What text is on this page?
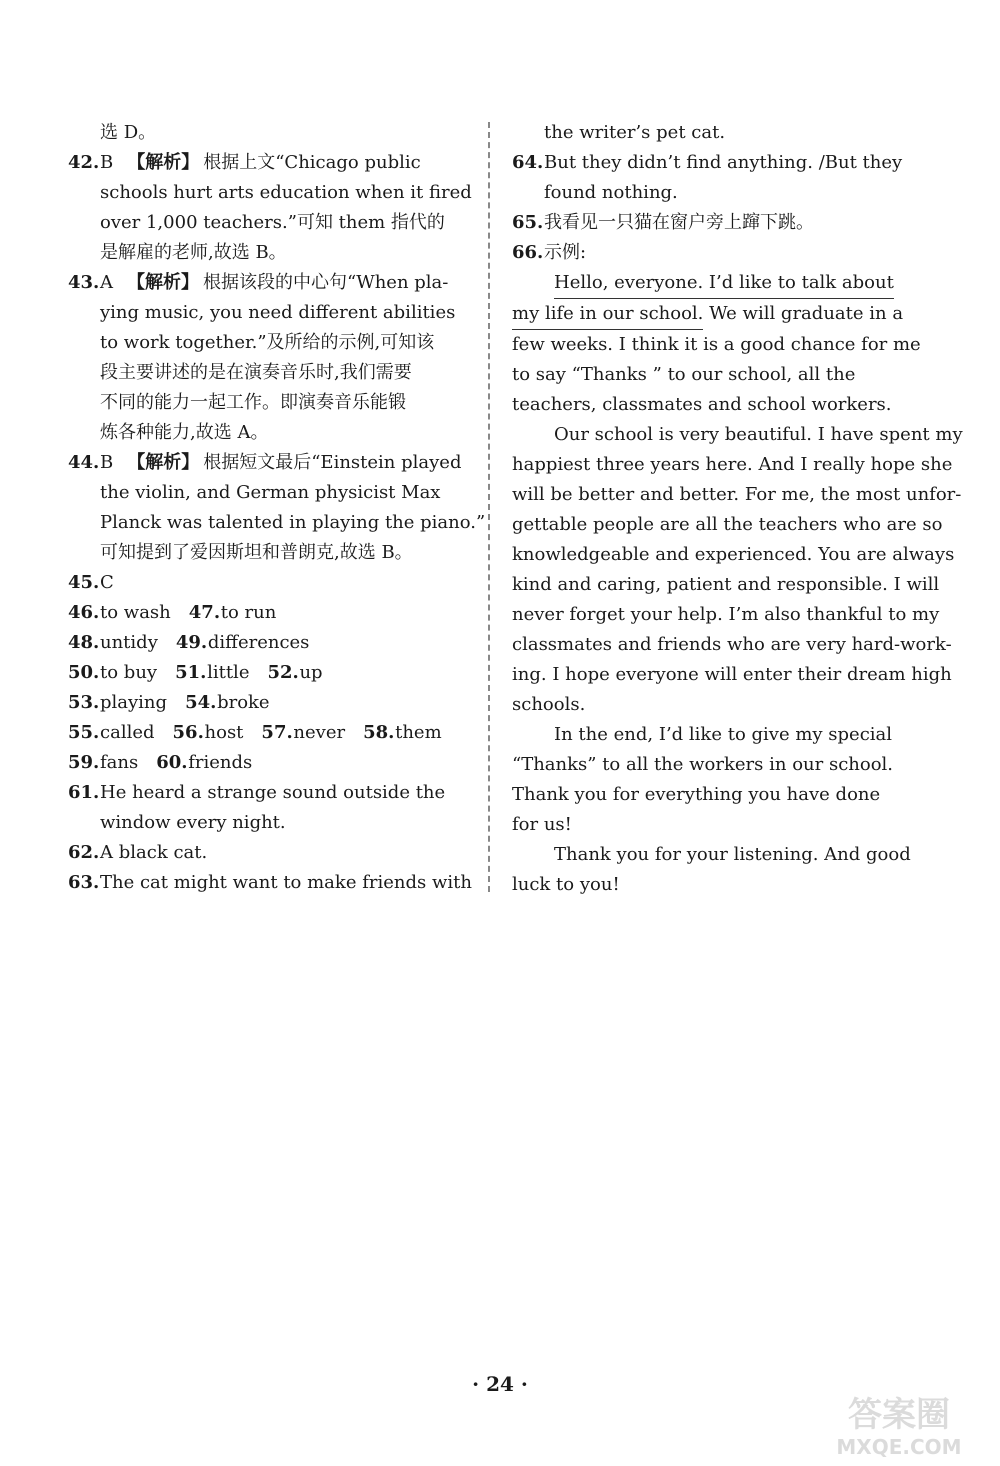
选 D。
42. B 【解析】 根据上文“Chicago public
schools hurt arts education when it fired
over 1,000 teachers.”可知 them 指代的
是解雇的老师,故选 B。
43. A 【解析】 根据该段的中心句“When pla-
ying music, you need different abilities
to work together.”及所给的示例,可知该
段主要讲述的是在演奏音乐时,我们需要
不同的能力一起工作。即演奏音乐能锻
炼各种能力,故选 A。
44. B 【解析】 根据短文最后“Einstein played
the violin, and German physicist Max
Planck was talented in playing the piano.”
可知提到了爱因斯坦和普朗克,故选 B。
45. C
46. to wash 47. to run
48. untidy 49. differences
50. to buy 51. little 52. up
53. playing 54. broke
55. called 56. host 57. never 58. them
59. fans 60. friends
61. He heard a strange sound outside the
window every night.
62. A black cat.
63. The cat might want to make friends with
the writer’s pet cat.
64. But they didn’t find anything. /But they
found nothing.
65. 我看见一只猫在窗户旁上蹿下跳。
66. 示例:
Hello, everyone. I’d like to talk about
my life in our school. We will graduate in a
few weeks. I think it is a good chance for me
to say “Thanks ” to our school, all the
teachers, classmates and school workers.
Our school is very beautiful. I have spent my
happiest three years here. And I really hope she
will be better and better. For me, the most unfor-
gettable people are all the teachers who are so
knowledgeable and experienced. You are always
kind and caring, patient and responsible. I will
never forget your help. I’m also thankful to my
classmates and friends who are very hard-work-
ing. I hope everyone will enter their dream high
schools.
In the end, I’d like to give my special
“Thanks” to all the workers in our school.
Thank you for everything you have done
for us!
Thank you for your listening. And good
luck to you!
· 24 ·
答案圈
MXQE.COM
